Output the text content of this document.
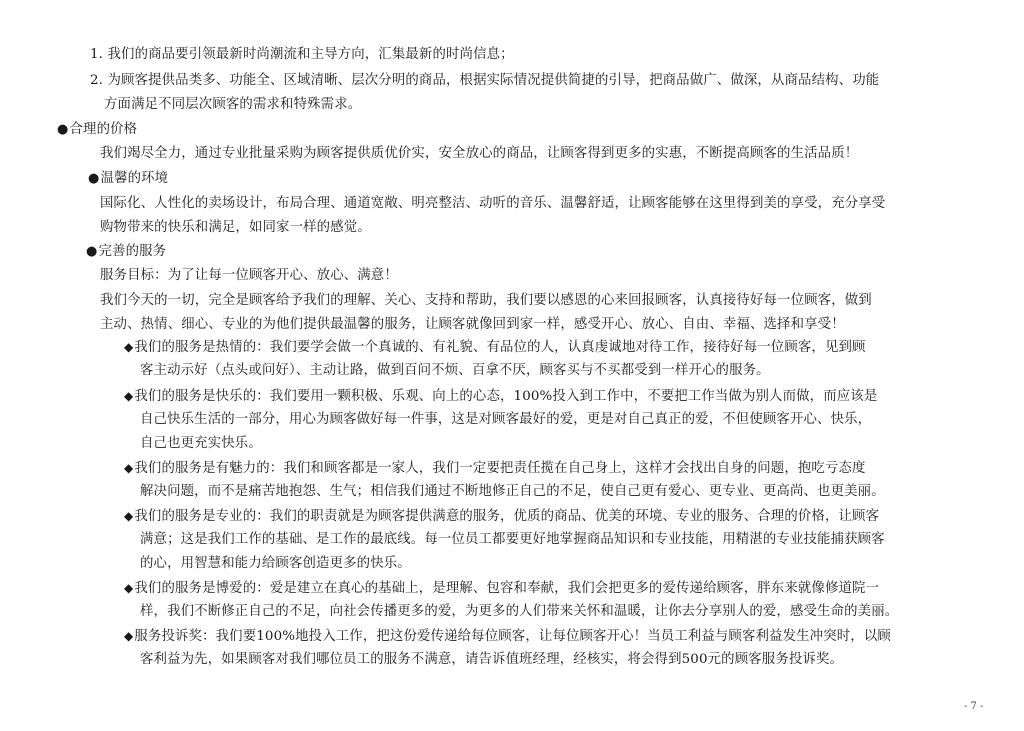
1. 我们的商品要引领最新时尚潮流和主导方向，汇集最新的时尚信息；
2. 为顾客提供品类多、功能全、区域清晰、层次分明的商品，根据实际情况提供简捷的引导，把商品做广、做深，从商品结构、功能
方面满足不同层次顾客的需求和特殊需求。
●合理的价格
我们竭尽全力，通过专业批量采购为顾客提供质优价实，安全放心的商品，让顾客得到更多的实惠，不断提高顾客的生活品质！
●温馨的环境
国际化、人性化的卖场设计，布局合理、通道宽敞、明亮整洁、动听的音乐、温馨舒适，让顾客能够在这里得到美的享受，充分享受
购物带来的快乐和满足，如同家一样的感觉。
●完善的服务
服务目标：为了让每一位顾客开心、放心、满意！
我们今天的一切，完全是顾客给予我们的理解、关心、支持和帮助，我们要以感恩的心来回报顾客，认真接待好每一位顾客，做到
主动、热情、细心、专业的为他们提供最温馨的服务，让顾客就像回到家一样，感受开心、放心、自由、幸福、选择和享受！
◆我们的服务是热情的：我们要学会做一个真诚的、有礼貌、有品位的人，认真虔诚地对待工作，接待好每一位顾客，见到顾
客主动示好（点头或问好）、主动让路，做到百问不烦、百拿不厌，顾客买与不买都受到一样开心的服务。
◆我们的服务是快乐的：我们要用一颗积极、乐观、向上的心态，100%投入到工作中，不要把工作当做为别人而做，而应该是
自己快乐生活的一部分，用心为顾客做好每一件事，这是对顾客最好的爱，更是对自己真正的爱，不但使顾客开心、快乐，
自己也更充实快乐。
◆我们的服务是有魅力的：我们和顾客都是一家人，我们一定要把责任揽在自己身上，这样才会找出自身的问题，抱吃亏态度
解决问题，而不是痛苦地抱怨、生气；相信我们通过不断地修正自己的不足，使自己更有爱心、更专业、更高尚、也更美丽。
◆我们的服务是专业的：我们的职责就是为顾客提供满意的服务，优质的商品、优美的环境、专业的服务、合理的价格，让顾客
满意；这是我们工作的基础、是工作的最底线。每一位员工都要更好地掌握商品知识和专业技能，用精湛的专业技能捕获顾客
的心，用智慧和能力给顾客创造更多的快乐。
◆我们的服务是博爱的：爱是建立在真心的基础上，是理解、包容和奉献，我们会把更多的爱传递给顾客，胖东来就像修道院一
样，我们不断修正自己的不足，向社会传播更多的爱，为更多的人们带来关怀和温暖，让你去分享别人的爱，感受生命的美丽。
◆服务投诉奖：我们要100%地投入工作，把这份爱传递给每位顾客，让每位顾客开心！当员工利益与顾客利益发生冲突时，以顾
客利益为先，如果顾客对我们哪位员工的服务不满意，请告诉值班经理，经核实，将会得到500元的顾客服务投诉奖。
- 7 -
